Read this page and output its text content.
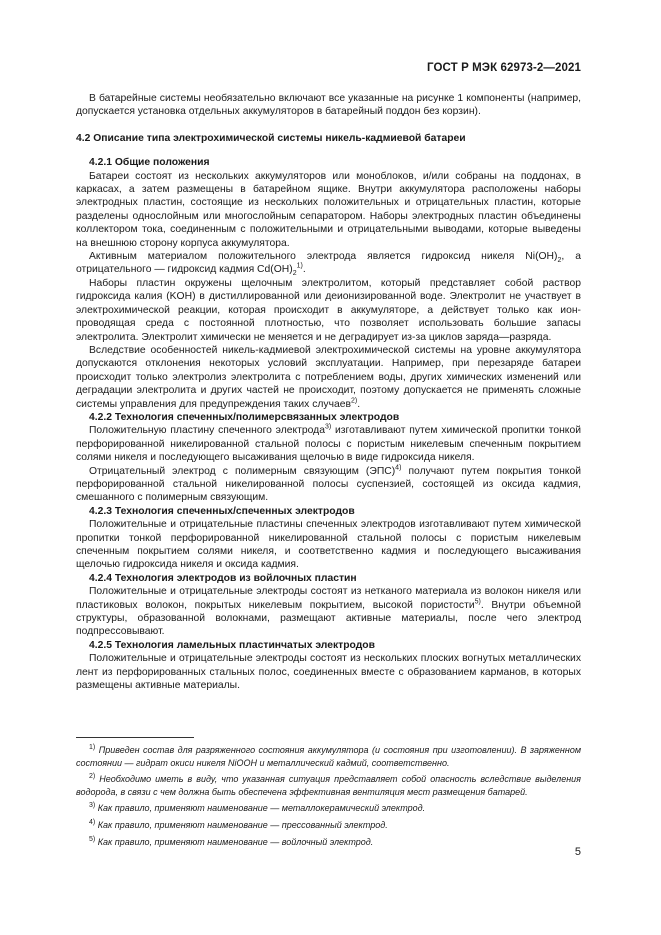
ГОСТ Р МЭК 62973-2—2021

В батарейные системы необязательно включают все указанные на рисунке 1 компоненты (например, допускается установка отдельных аккумуляторов в батарейный поддон без корзин).

4.2 Описание типа электрохимической системы никель-кадмиевой батареи

4.2.1 Общие положения

Батареи состоят из нескольких аккумуляторов или моноблоков, и/или собраны на поддонах, в каркасах, а затем размещены в батарейном ящике. Внутри аккумулятора расположены наборы электродных пластин, состоящие из нескольких положительных и отрицательных пластин, которые разделены однослойным или многослойным сепаратором. Наборы электродных пластин объединены коллектором тока, соединенным с положительными и отрицательными выводами, которые выведены на внешнюю сторону корпуса аккумулятора.

Активным материалом положительного электрода является гидроксид никеля $Ni(OH)_2$, а отрицательного — гидроксид кадмия $Cd(OH)_2^{1)}$.

Наборы пластин окружены щелочным электролитом, который представляет собой раствор гидроксида калия (KOH) в дистиллированной или деионизированной воде. Электролит не участвует в электрохимической реакции, которая происходит в аккумуляторе, а действует только как ион-проводящая среда с постоянной плотностью, что позволяет использовать большие запасы электролита. Электролит химически не меняется и не деградирует из-за циклов заряда—разряда.

Вследствие особенностей никель-кадмиевой электрохимической системы на уровне аккумулятора допускаются отклонения некоторых условий эксплуатации. Например, при перезаряде батареи происходит только электролиз электролита с потреблением воды, других химических изменений или деградации электролита и других частей не происходит, поэтому допускается не применять сложные системы управления для предупреждения таких случаев$^{2)}$.

4.2.2 Технология спеченных/полимерсвязанных электродов

Положительную пластину спеченного электрода$^{3)}$ изготавливают путем химической пропитки тонкой перфорированной никелированной стальной полосы с пористым никелевым спеченным покрытием солями никеля и последующего высаживания щелочью в виде гидроксида никеля.

Отрицательный электрод с полимерным связующим (ЭПС)$^{4)}$ получают путем покрытия тонкой перфорированной стальной никелированной полосы суспензией, состоящей из оксида кадмия, смешанного с полимерным связующим.

4.2.3 Технология спеченных/спеченных электродов

Положительные и отрицательные пластины спеченных электродов изготавливают путем химической пропитки тонкой перфорированной никелированной стальной полосы с пористым никелевым спеченным покрытием солями никеля, и соответственно кадмия и последующего высаживания щелочью гидроксида никеля и оксида кадмия.

4.2.4 Технология электродов из войлочных пластин

Положительные и отрицательные электроды состоят из нетканого материала из волокон никеля или пластиковых волокон, покрытых никелевым покрытием, высокой пористости$^{5)}$. Внутри объемной структуры, образованной волокнами, размещают активные материалы, после чего электрод подпрессовывают.

4.2.5 Технология ламельных пластинчатых электродов

Положительные и отрицательные электроды состоят из нескольких плоских вогнутых металлических лент из перфорированных стальных полос, соединенных вместе с образованием карманов, в которых размещены активные материалы.

$^{1)}$ Приведен состав для разряженного состояния аккумулятора (и состояния при изготовлении). В заряженном состоянии — гидрат окиси никеля NiOOH и металлический кадмий, соответственно.

$^{2)}$ Необходимо иметь в виду, что указанная ситуация представляет собой опасность вследствие выделения водорода, в связи с чем должна быть обеспечена эффективная вентиляция мест размещения батарей.

$^{3)}$ Как правило, применяют наименование — металлокерамический электрод.

$^{4)}$ Как правило, применяют наименование — прессованный электрод.

$^{5)}$ Как правило, применяют наименование — войлочный электрод.

5
